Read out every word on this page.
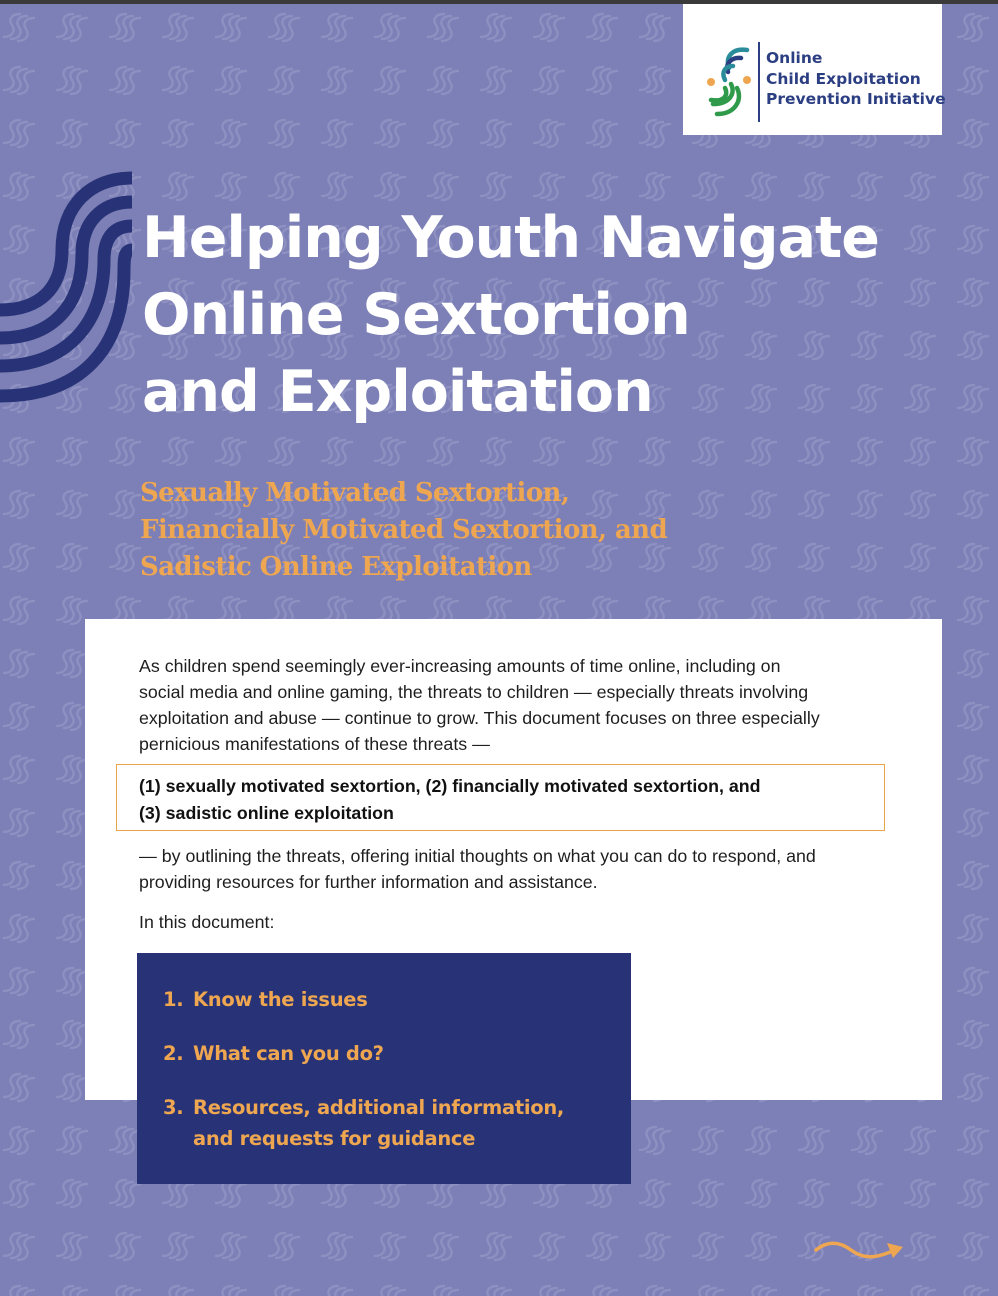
Online
Child Exploitation
Prevention Initiative
Helping Youth Navigate
Online Sextortion
and Exploitation
Sexually Motivated Sextortion,
Financially Motivated Sextortion, and
Sadistic Online Exploitation

As children spend seemingly ever-increasing amounts of time online, including on
social media and online gaming, the threats to children — especially threats involving
exploitation and abuse — continue to grow. This document focuses on three especially
pernicious manifestations of these threats —

(1) sexually motivated sextortion, (2) financially motivated sextortion, and
(3) sadistic online exploitation

— by outlining the threats, offering initial thoughts on what you can do to respond, and
providing resources for further information and assistance.

In this document:

1. Know the issues
2. What can you do?
3. Resources, additional information,
and requests for guidance
